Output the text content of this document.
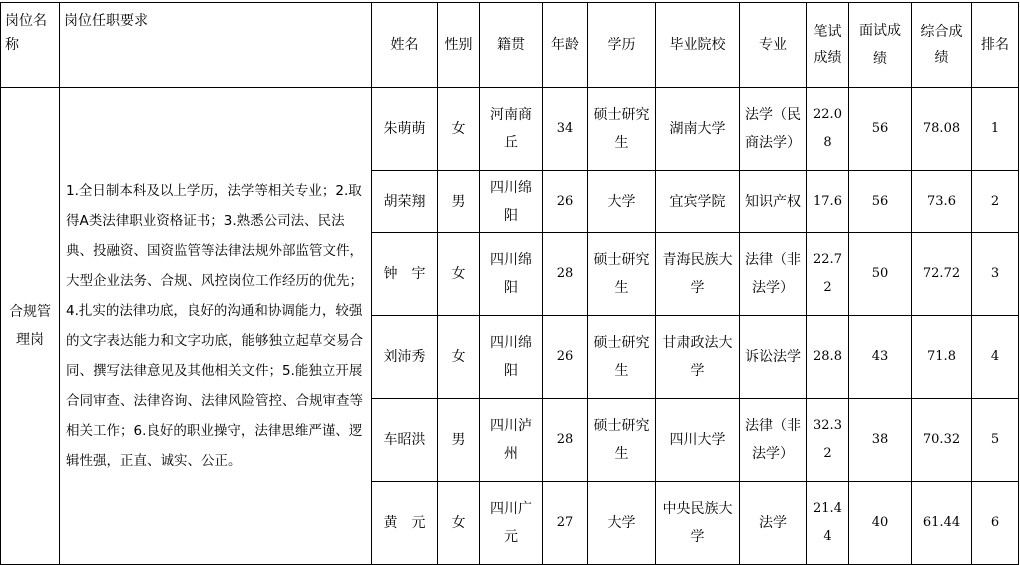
岗位名称	岗位任职要求	姓名	性别	籍贯	年龄	学历	毕业院校	专业	笔试成绩	面试成绩	综合成绩	排名
合规管理岗	1.全日制本科及以上学历，法学等相关专业；2.取得A类法律职业资格证书；3.熟悉公司法、民法典、投融资、国资监管等法律法规外部监管文件，大型企业法务、合规、风控岗位工作经历的优先；4.扎实的法律功底，良好的沟通和协调能力，较强的文字表达能力和文字功底，能够独立起草交易合同、撰写法律意见及其他相关文件；5.能独立开展合同审查、法律咨询、法律风险管控、合规审查等相关工作；6.良好的职业操守，法律思维严谨、逻辑性强，正直、诚实、公正。	朱萌萌	女	河南商丘	34	硕士研究生	湖南大学	法学（民商法学）	22.08	56	78.08	1
		胡荣翔	男	四川绵阳	26	大学	宜宾学院	知识产权	17.6	56	73.6	2
		钟　宇	女	四川绵阳	28	硕士研究生	青海民族大学	法律（非法学）	22.72	50	72.72	3
		刘沛秀	女	四川绵阳	26	硕士研究生	甘肃政法大学	诉讼法学	28.8	43	71.8	4
		车昭洪	男	四川泸州	28	硕士研究生	四川大学	法律（非法学）	32.32	38	70.32	5
		黄　元	女	四川广元	27	大学	中央民族大学	法学	21.44	40	61.44	6
